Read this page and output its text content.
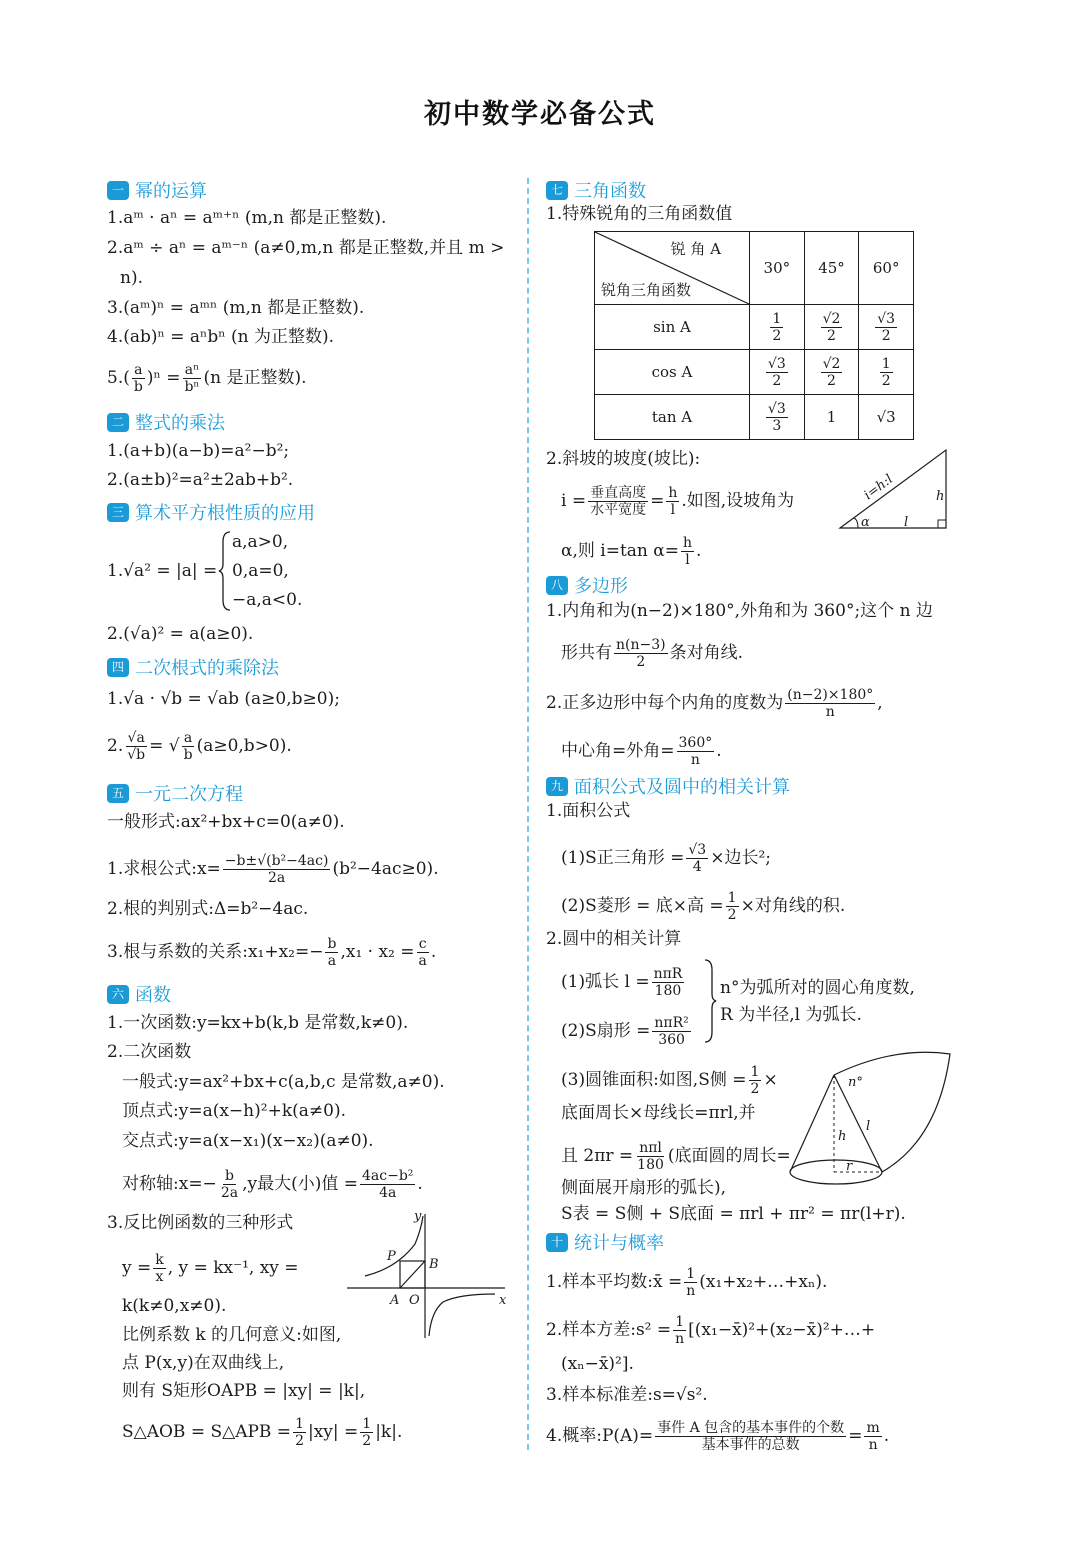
初中数学必备公式
一 幂的运算
1.aᵐ · aⁿ = aᵐ⁺ⁿ (m,n 都是正整数).
2.aᵐ ÷ aⁿ = aᵐ⁻ⁿ (a≠0,m,n 都是正整数,并且 m >
n).
3.(aᵐ)ⁿ = aᵐⁿ (m,n 都是正整数).
4.(ab)ⁿ = aⁿbⁿ (n 为正整数).
$5.( \frac{a}{b} )^n = \frac{\text{aⁿ}}{\text{bⁿ}} (n$ 是正整数).
二 整式的乘法
1.(a+b)(a−b)=a²−b²;
2.(a±b)²=a²±2ab+b².
三 算术平方根性质的应用
1.√a² = |a| =
a,a>0,
0,a=0,
−a,a<0.
2.(√a)² = a(a≥0).
四 二次根式的乘除法
1.√a · √b = √ab (a≥0,b≥0);
2. $\frac{√a}{√b}$ = √ $\frac{a}{b} (a\ge 0,b>0)$.
五 一元二次方程
一般形式:ax²+bx+c=0(a≠0).
1.求根公式:x= $\frac{\text{−b±√(b²−4ac)}}{2a} (b^2-4ac\ge 0)$.
2.根的判别式:Δ=b²−4ac.
3.根与系数的关系:x₁+x₂=− $\frac{b}{a} ,x_1 \cdot x_2 = \frac{c}{a}$ .
六 函数
1.一次函数:y=kx+b(k,b 是常数,k≠0).
2.二次函数
一般式:y=ax²+bx+c(a,b,c 是常数,a≠0).
顶点式:y=a(x−h)²+k(a≠0).
交点式:y=a(x−x₁)(x−x₂)(a≠0).
对称轴:x=− $\frac{b}{2a} ,y$最大(小)值 = $\frac{\text{4ac−b²}}{4a}$ .
3.反比例函数的三种形式
$y = \frac{k}{x}$ , y = kx⁻¹, xy =
k(k≠0,x≠0).
比例系数 k 的几何意义:如图,
点 P(x,y)在双曲线上,
则有 S矩形OAPB = |xy| = |k|,
S△AOB = S△APB = $\frac{1}{2} |xy| = \frac{1}{2} |k|$.
y
x
P
B
A O
七 三角函数
1.特殊锐角的三角函数值
锐 角 A
锐角三角函数	30°	45°	60°
sin A	$\frac{1}{2}$	$\frac{√2}{2}$	$\frac{√3}{2}$

cos A	$\frac{√3}{2}$	$\frac{√2}{2}$	$\frac{1}{2}$

tan A	$\frac{√3}{3}$	1	√3
2.斜坡的坡度(坡比):
$i = \frac{\text{垂直高度}}{\text{水平宽度}} = \frac{h}{l}$ .如图,设坡角为
α,则 i=tan $\alpha= \frac{h}{l}$ .
i=h:l	h
l
α
八 多边形
1.内角和为(n−2)×180°,外角和为 360°;这个 n 边
形共有 $\frac{n(n-3)}{2}$ 条对角线.
2.正多边形中每个内角的度数为 $\frac{(n-2)\times 180^\circ}{n}$ ,
中心角=外角= $\frac{360^\circ}{n}$ .
九 面积公式及圆中的相关计算
1.面积公式
(1)S正三角形 = $\frac{√3}{4}$ ×边长²;
(2)S菱形 = 底×高 = $\frac{1}{2}$ ×对角线的积.
2.圆中的相关计算
(1)弧长 $l = \frac{\text{nπR}}{180}$
(2)S扇形 = $\frac{\text{nπR²}}{360}$
n°为弧所对的圆心角度数,
R 为半径,l 为弧长.
(3)圆锥面积:如图,S侧 = $\frac{1}{2}$ ×
底面周长×母线长=πrl,并
且 $2\pi r = \frac{\text{nπl}}{180}$ (底面圆的周长=
侧面展开扇形的弧长),
S表 = S侧 + S底面 = πrl + πr² = πr(l+r).
n°
l
h
r
十 统计与概率
1.样本平均数:x̄ = $\frac{1}{n}$ (x₁+x₂+…+xₙ).
2.样本方差:s² = $\frac{1}{n}$ [(x₁−x̄)²+(x₂−x̄)²+…+
(xₙ−x̄)²].
3.样本标准差:s=√s².
4.概率:P(A)= $\frac{\text{事件 A 包含的基本事件的个数}}{\text{基本事件的总数}} = \frac{m}{n}$ .
